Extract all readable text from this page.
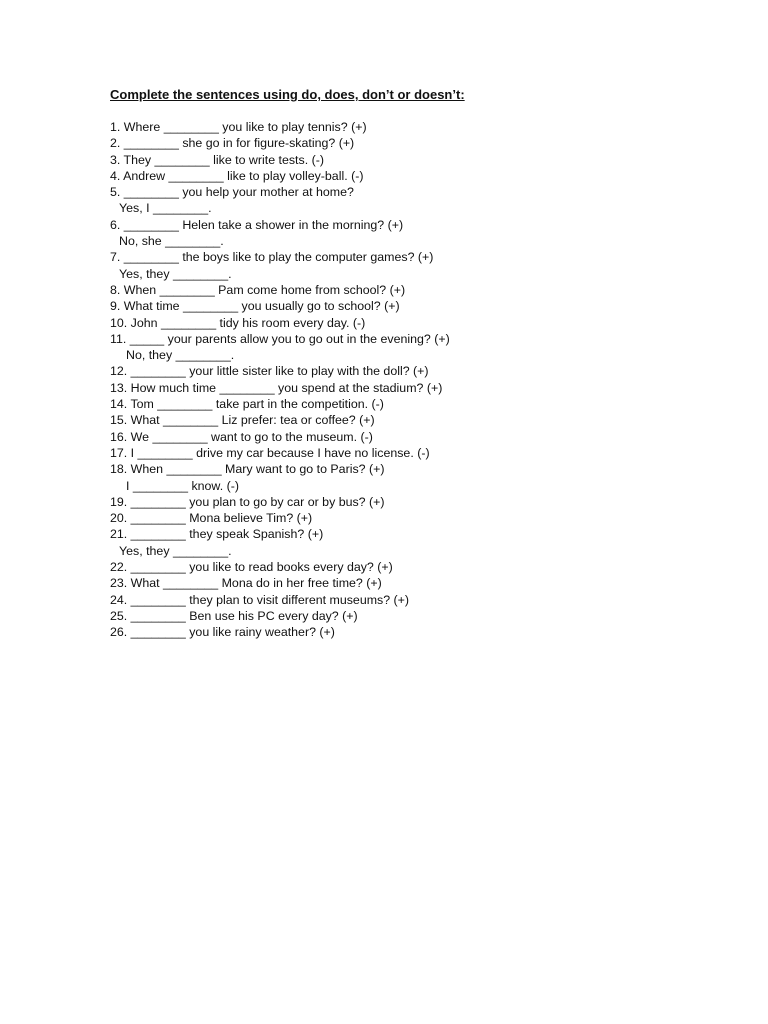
Complete the sentences using do, does, don’t or doesn’t:
1. Where ________ you like to play tennis? (+)
2. ________ she go in for figure-skating? (+)
3. They ________ like to write tests. (-)
4. Andrew ________ like to play volley-ball. (-)
5. ________ you help your mother at home?
Yes, I ________.
6. ________ Helen take a shower in the morning? (+)
No, she ________.
7. ________ the boys like to play the computer games? (+)
Yes, they ________.
8. When ________ Pam come home from school? (+)
9. What time ________ you usually go to school? (+)
10. John ________ tidy his room every day. (-)
11. _____ your parents allow you to go out in the evening? (+)
No, they ________.
12. ________ your little sister like to play with the doll? (+)
13. How much time ________ you spend at the stadium? (+)
14. Tom ________ take part in the competition. (-)
15. What ________ Liz prefer: tea or coffee? (+)
16. We ________ want to go to the museum. (-)
17. I ________ drive my car because I have no license. (-)
18. When ________ Mary want to go to Paris? (+)
I ________ know. (-)
19. ________ you plan to go by car or by bus? (+)
20. ________ Mona believe Tim? (+)
21. ________ they speak Spanish? (+)
Yes, they ________.
22. ________ you like to read books every day? (+)
23. What ________ Mona do in her free time? (+)
24. ________ they plan to visit different museums? (+)
25. ________ Ben use his PC every day? (+)
26. ________ you like rainy weather? (+)
